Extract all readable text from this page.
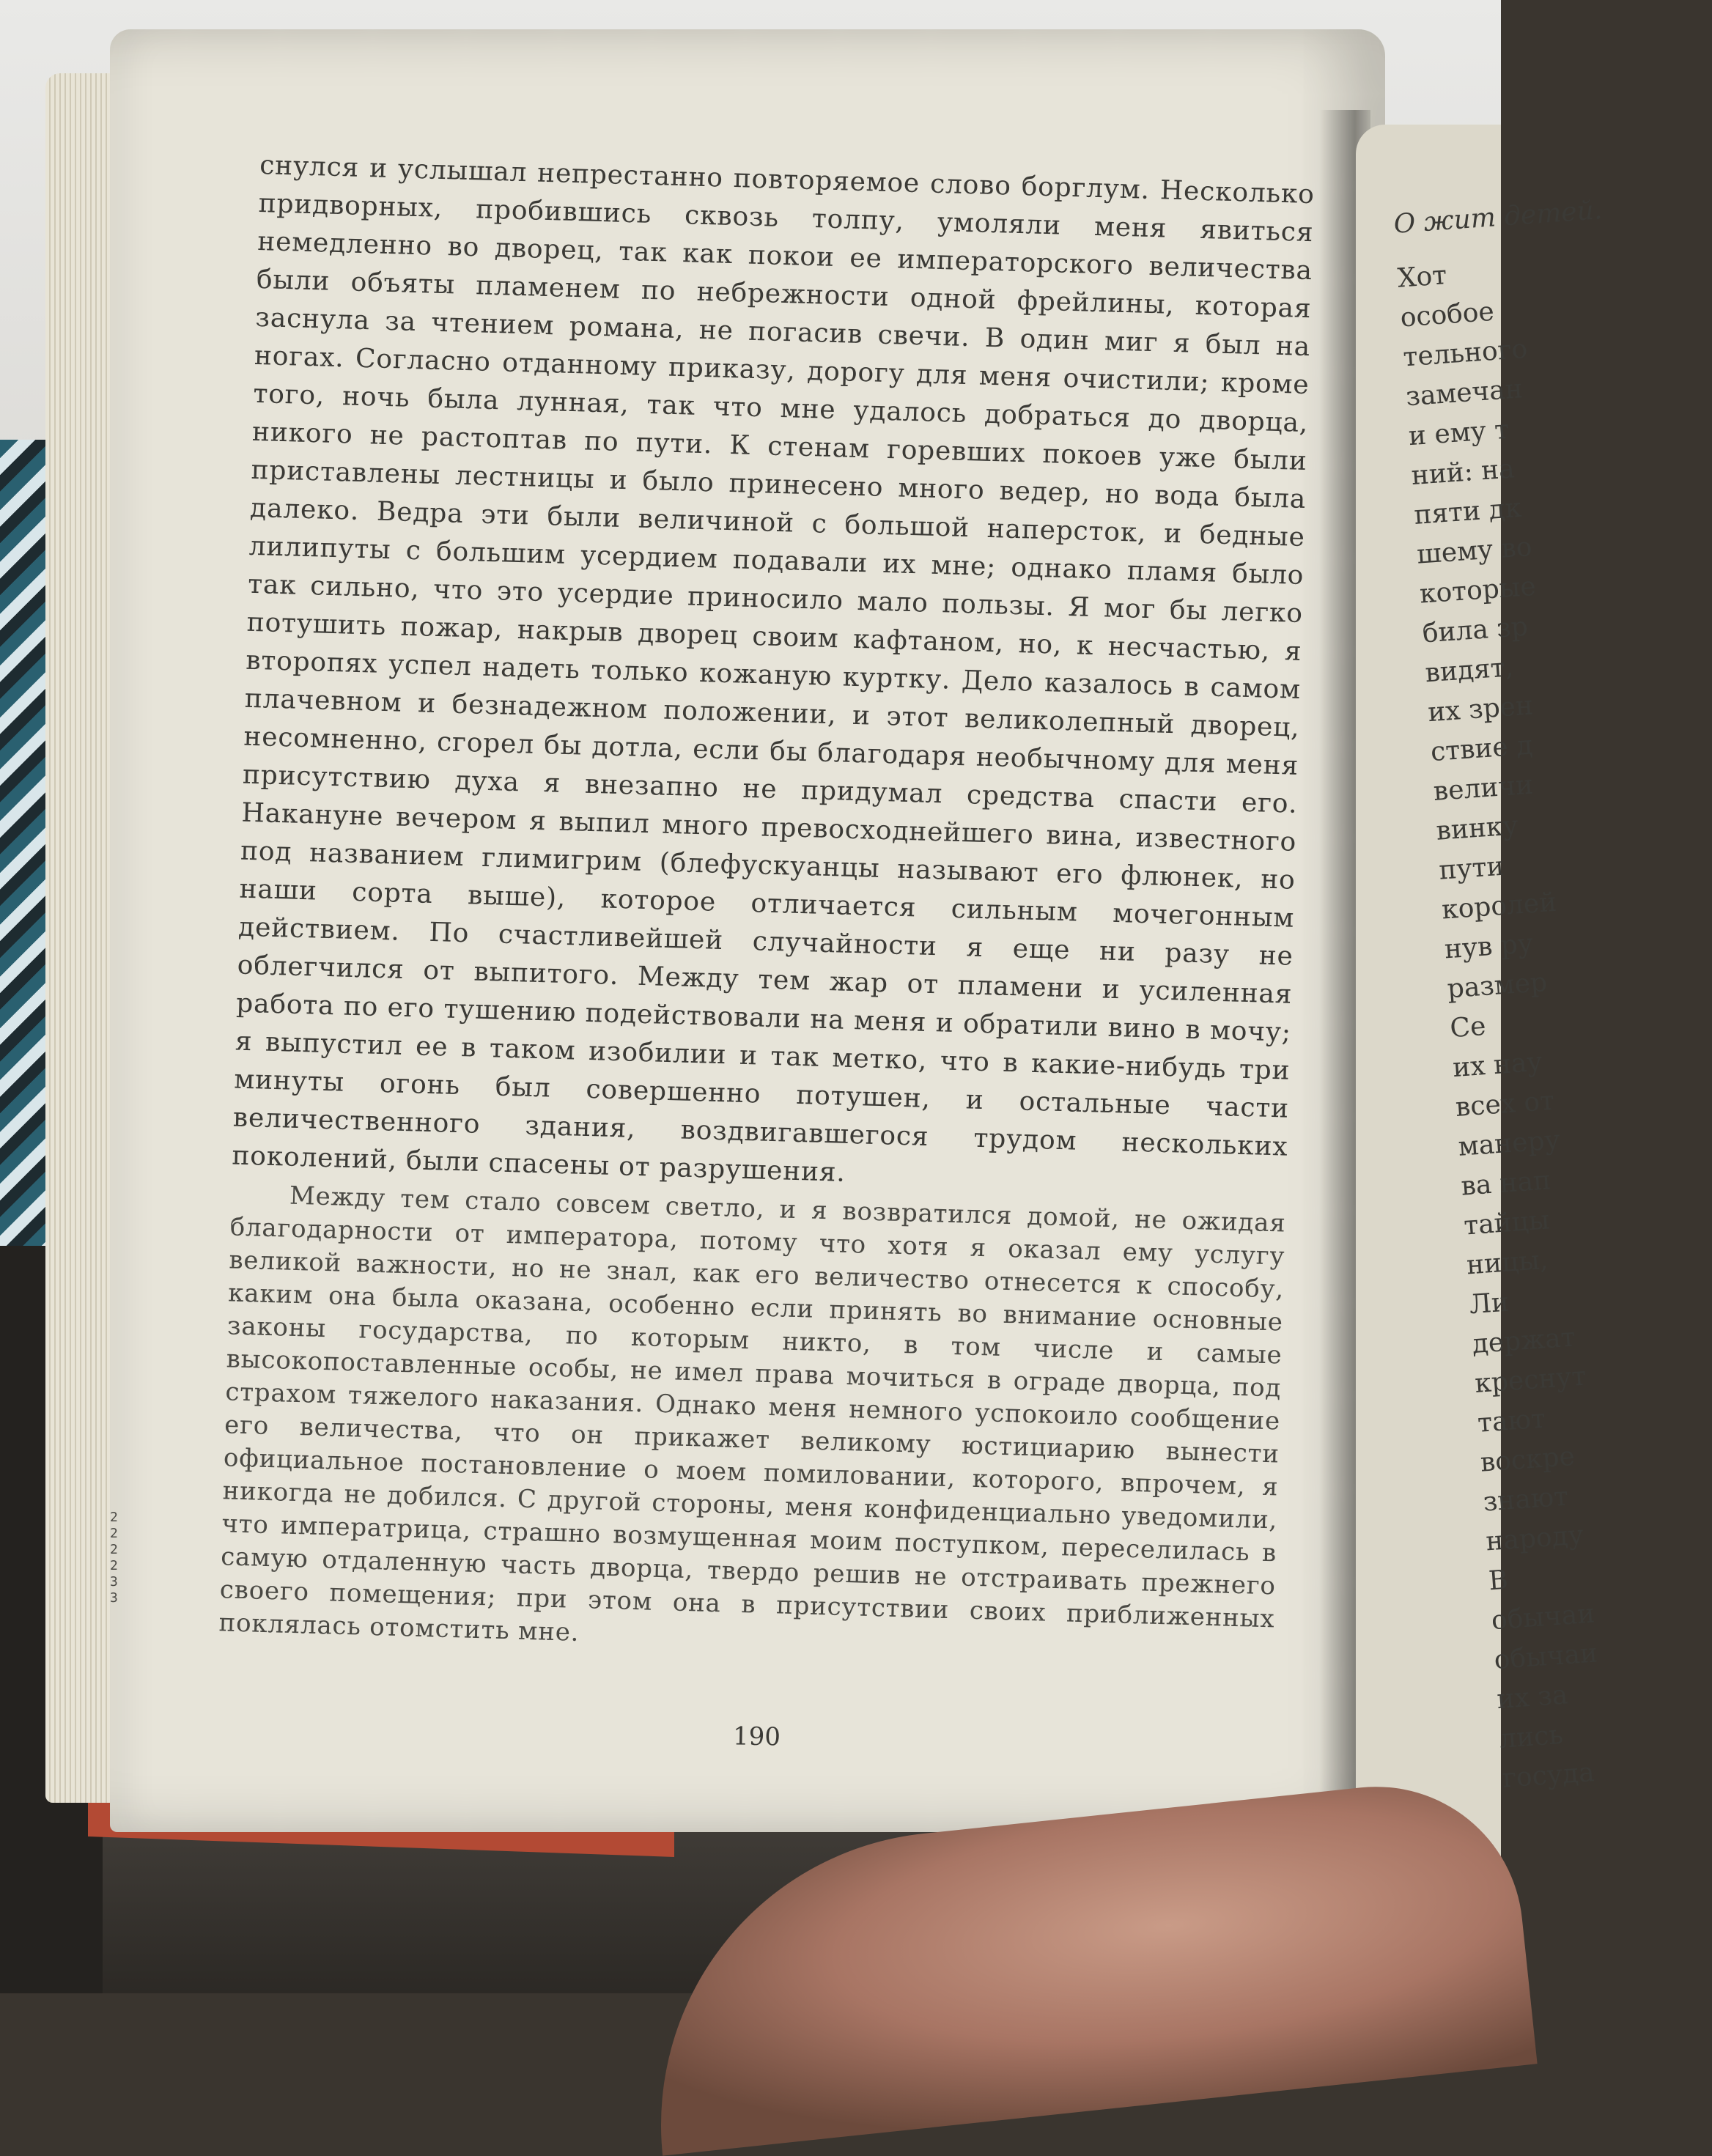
снулся и услышал непрестанно повторяемое слово борглум. Несколько придворных, пробившись сквозь толпу, умоляли меня явиться немедленно во дворец, так как покои ее императорского величества были объяты пламенем по небрежности одной фрейлины, которая заснула за чтением романа, не погасив свечи. В один миг я был на ногах. Согласно отданному приказу, дорогу для меня очистили; кроме того, ночь была лунная, так что мне удалось добраться до дворца, никого не растоптав по пути. К стенам горевших покоев уже были приставлены лестницы и было принесено много ведер, но вода была далеко. Ведра эти были величиной с большой наперсток, и бедные лилипуты с большим усердием подавали их мне; однако пламя было так сильно, что это усердие приносило мало пользы. Я мог бы легко потушить пожар, накрыв дворец своим кафтаном, но, к несчастью, я второпях успел надеть только кожаную куртку. Дело казалось в самом плачевном и безнадежном положении, и этот великолепный дворец, несомненно, сгорел бы дотла, если бы благодаря необычному для меня присутствию духа я внезапно не придумал средства спасти его. Накануне вечером я выпил много превосходнейшего вина, известного под названием глимигрим (блефускуанцы называют его флюнек, но наши сорта выше), которое отличается сильным мочегонным действием. По счастливейшей случайности я еще ни разу не облегчился от выпитого. Между тем жар от пламени и усиленная работа по его тушению подействовали на меня и обратили вино в мочу; я выпустил ее в таком изобилии и так метко, что в какие-нибудь три минуты огонь был совершенно потушен, и остальные части величественного здания, воздвигавшегося трудом нескольких поколений, были спасены от разрушения.

Между тем стало совсем светло, и я возвратился домой, не ожидая благодарности от императора, потому что хотя я оказал ему услугу великой важности, но не знал, как его величество отнесется к способу, каким она была оказана, особенно если принять во внимание основные законы государства, по которым никто, в том числе и самые высокопоставленные особы, не имел права мочиться в ограде дворца, под страхом тяжелого наказания. Однако меня немного успокоило сообщение его величества, что он прикажет великому юстициарию вынести официальное постановление о моем помиловании, которого, впрочем, я никогда не добился. С другой стороны, меня конфиденциально уведомили, что императрица, страшно возмущенная моим поступком, переселилась в самую отдаленную часть дворца, твердо решив не отстраивать прежнего своего помещения; при этом она в присутствии своих приближенных поклялась отомстить мне.

190
2 2 2 2 3 3
О жит детей.
Хот
особое
тельного
замечан
и ему т
ний: на
пяти дк
шему во
которые
била зр
видят,
их зрен
ствие д
величи
винку
пути
королей
нув ру
размер
Се
их нау
всех от
манеру
ва нап
тайцы
ницы,
Ли
держат
креснут
тают
воскре
знают
народу
В
обычаи
обычаи
их за
лись
госуда
